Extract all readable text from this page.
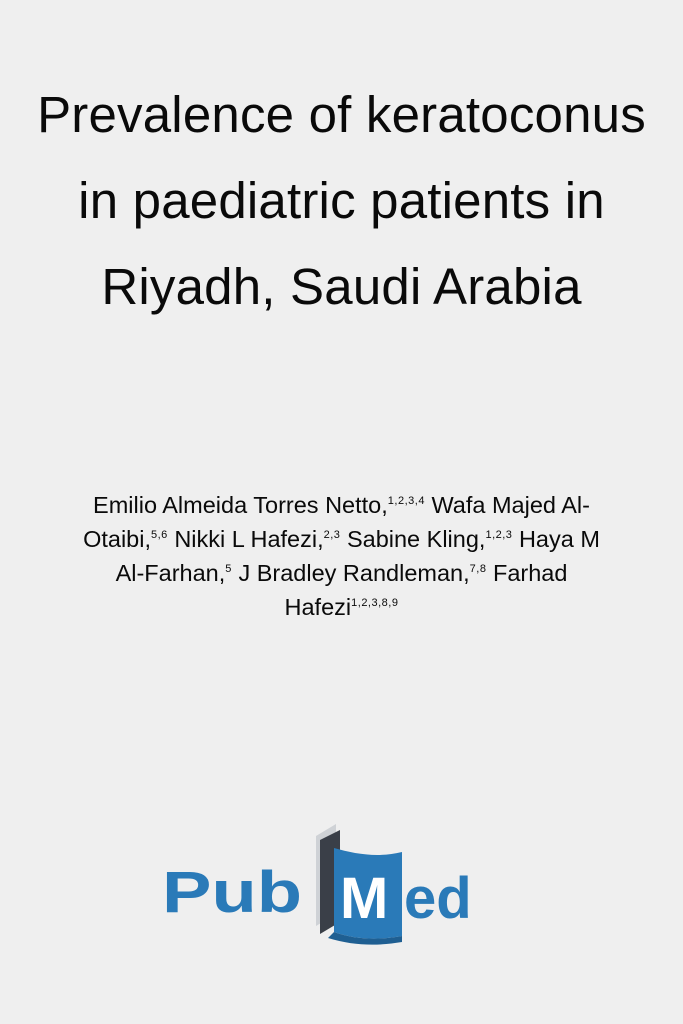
Prevalence of keratoconus in paediatric patients in Riyadh, Saudi Arabia

Emilio Almeida Torres Netto,$^{1,2,3,4}$ Wafa Majed Al-Otaibi,$^{5,6}$ Nikki L Hafezi,$^{2,3}$ Sabine Kling,$^{1,2,3}$ Haya M Al-Farhan,$^5$ J Bradley Randleman,$^{7,8}$ Farhad Hafezi$^{1,2,3,8,9}$

Pub M ed
